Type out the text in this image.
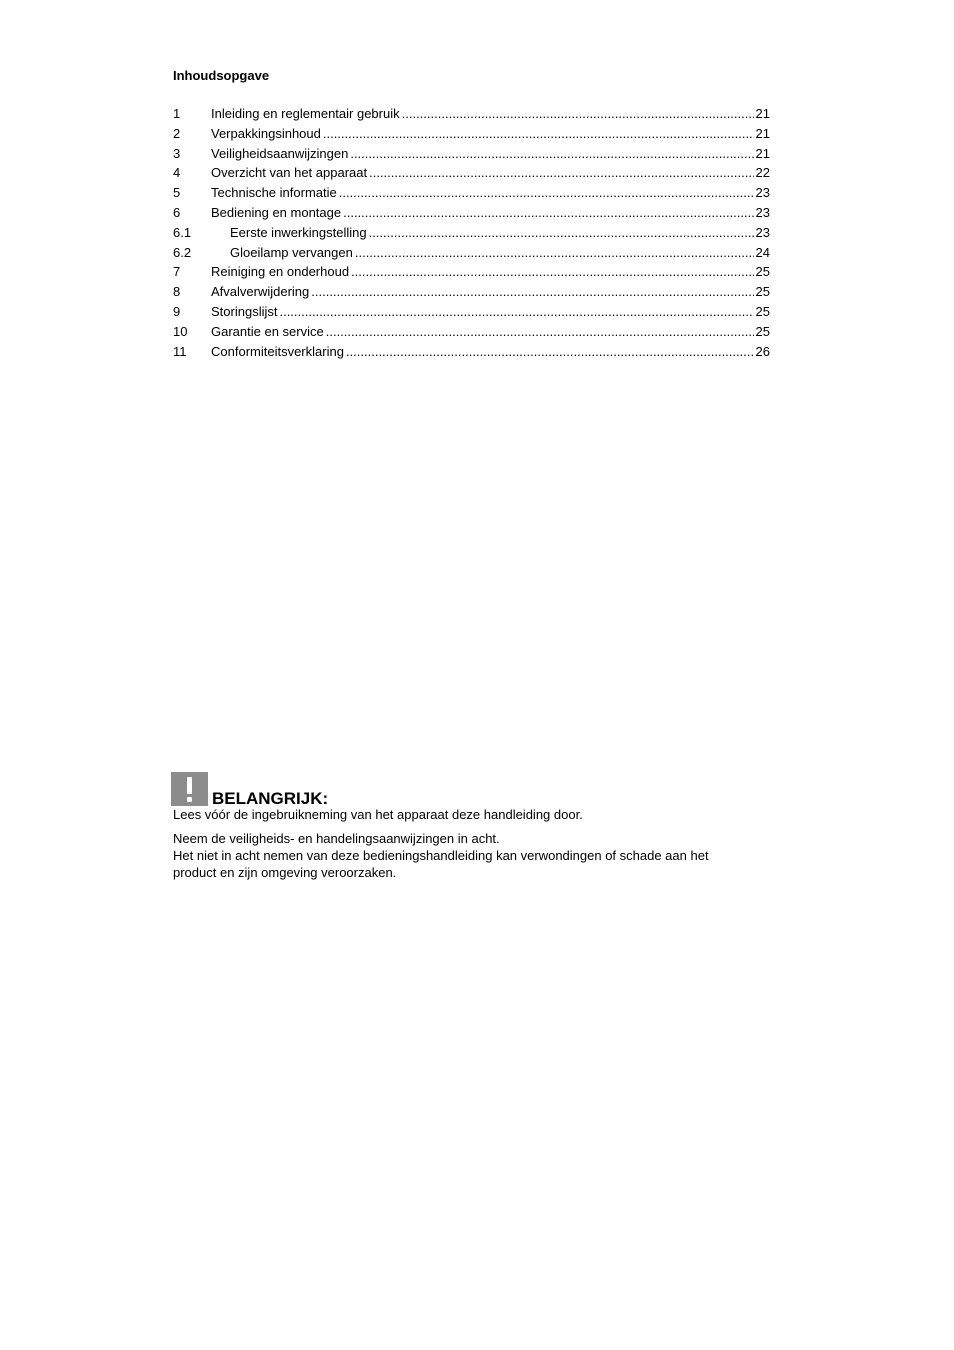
Inhoudsopgave
1	Inleiding en reglementair gebruik .....	21
2	Verpakkingsinhoud .....	21
3	Veiligheidsaanwijzingen .....	21
4	Overzicht van het apparaat .....	22
5	Technische informatie .....	23
6	Bediening en montage .....	23
6.1	Eerste inwerkingstelling .....	23
6.2	Gloeilamp vervangen .....	24
7	Reiniging en onderhoud .....	25
8	Afvalverwijdering .....	25
9	Storingslijst .....	25
10	Garantie en service .....	25
11	Conformiteitsverklaring .....	26
BELANGRIJK:

Lees vóór de ingebruikneming van het apparaat deze handleiding door.

Neem de veiligheids- en handelingsaanwijzingen in acht.

Het niet in acht nemen van deze bedieningshandleiding kan verwondingen of schade aan het

product en zijn omgeving veroorzaken.
